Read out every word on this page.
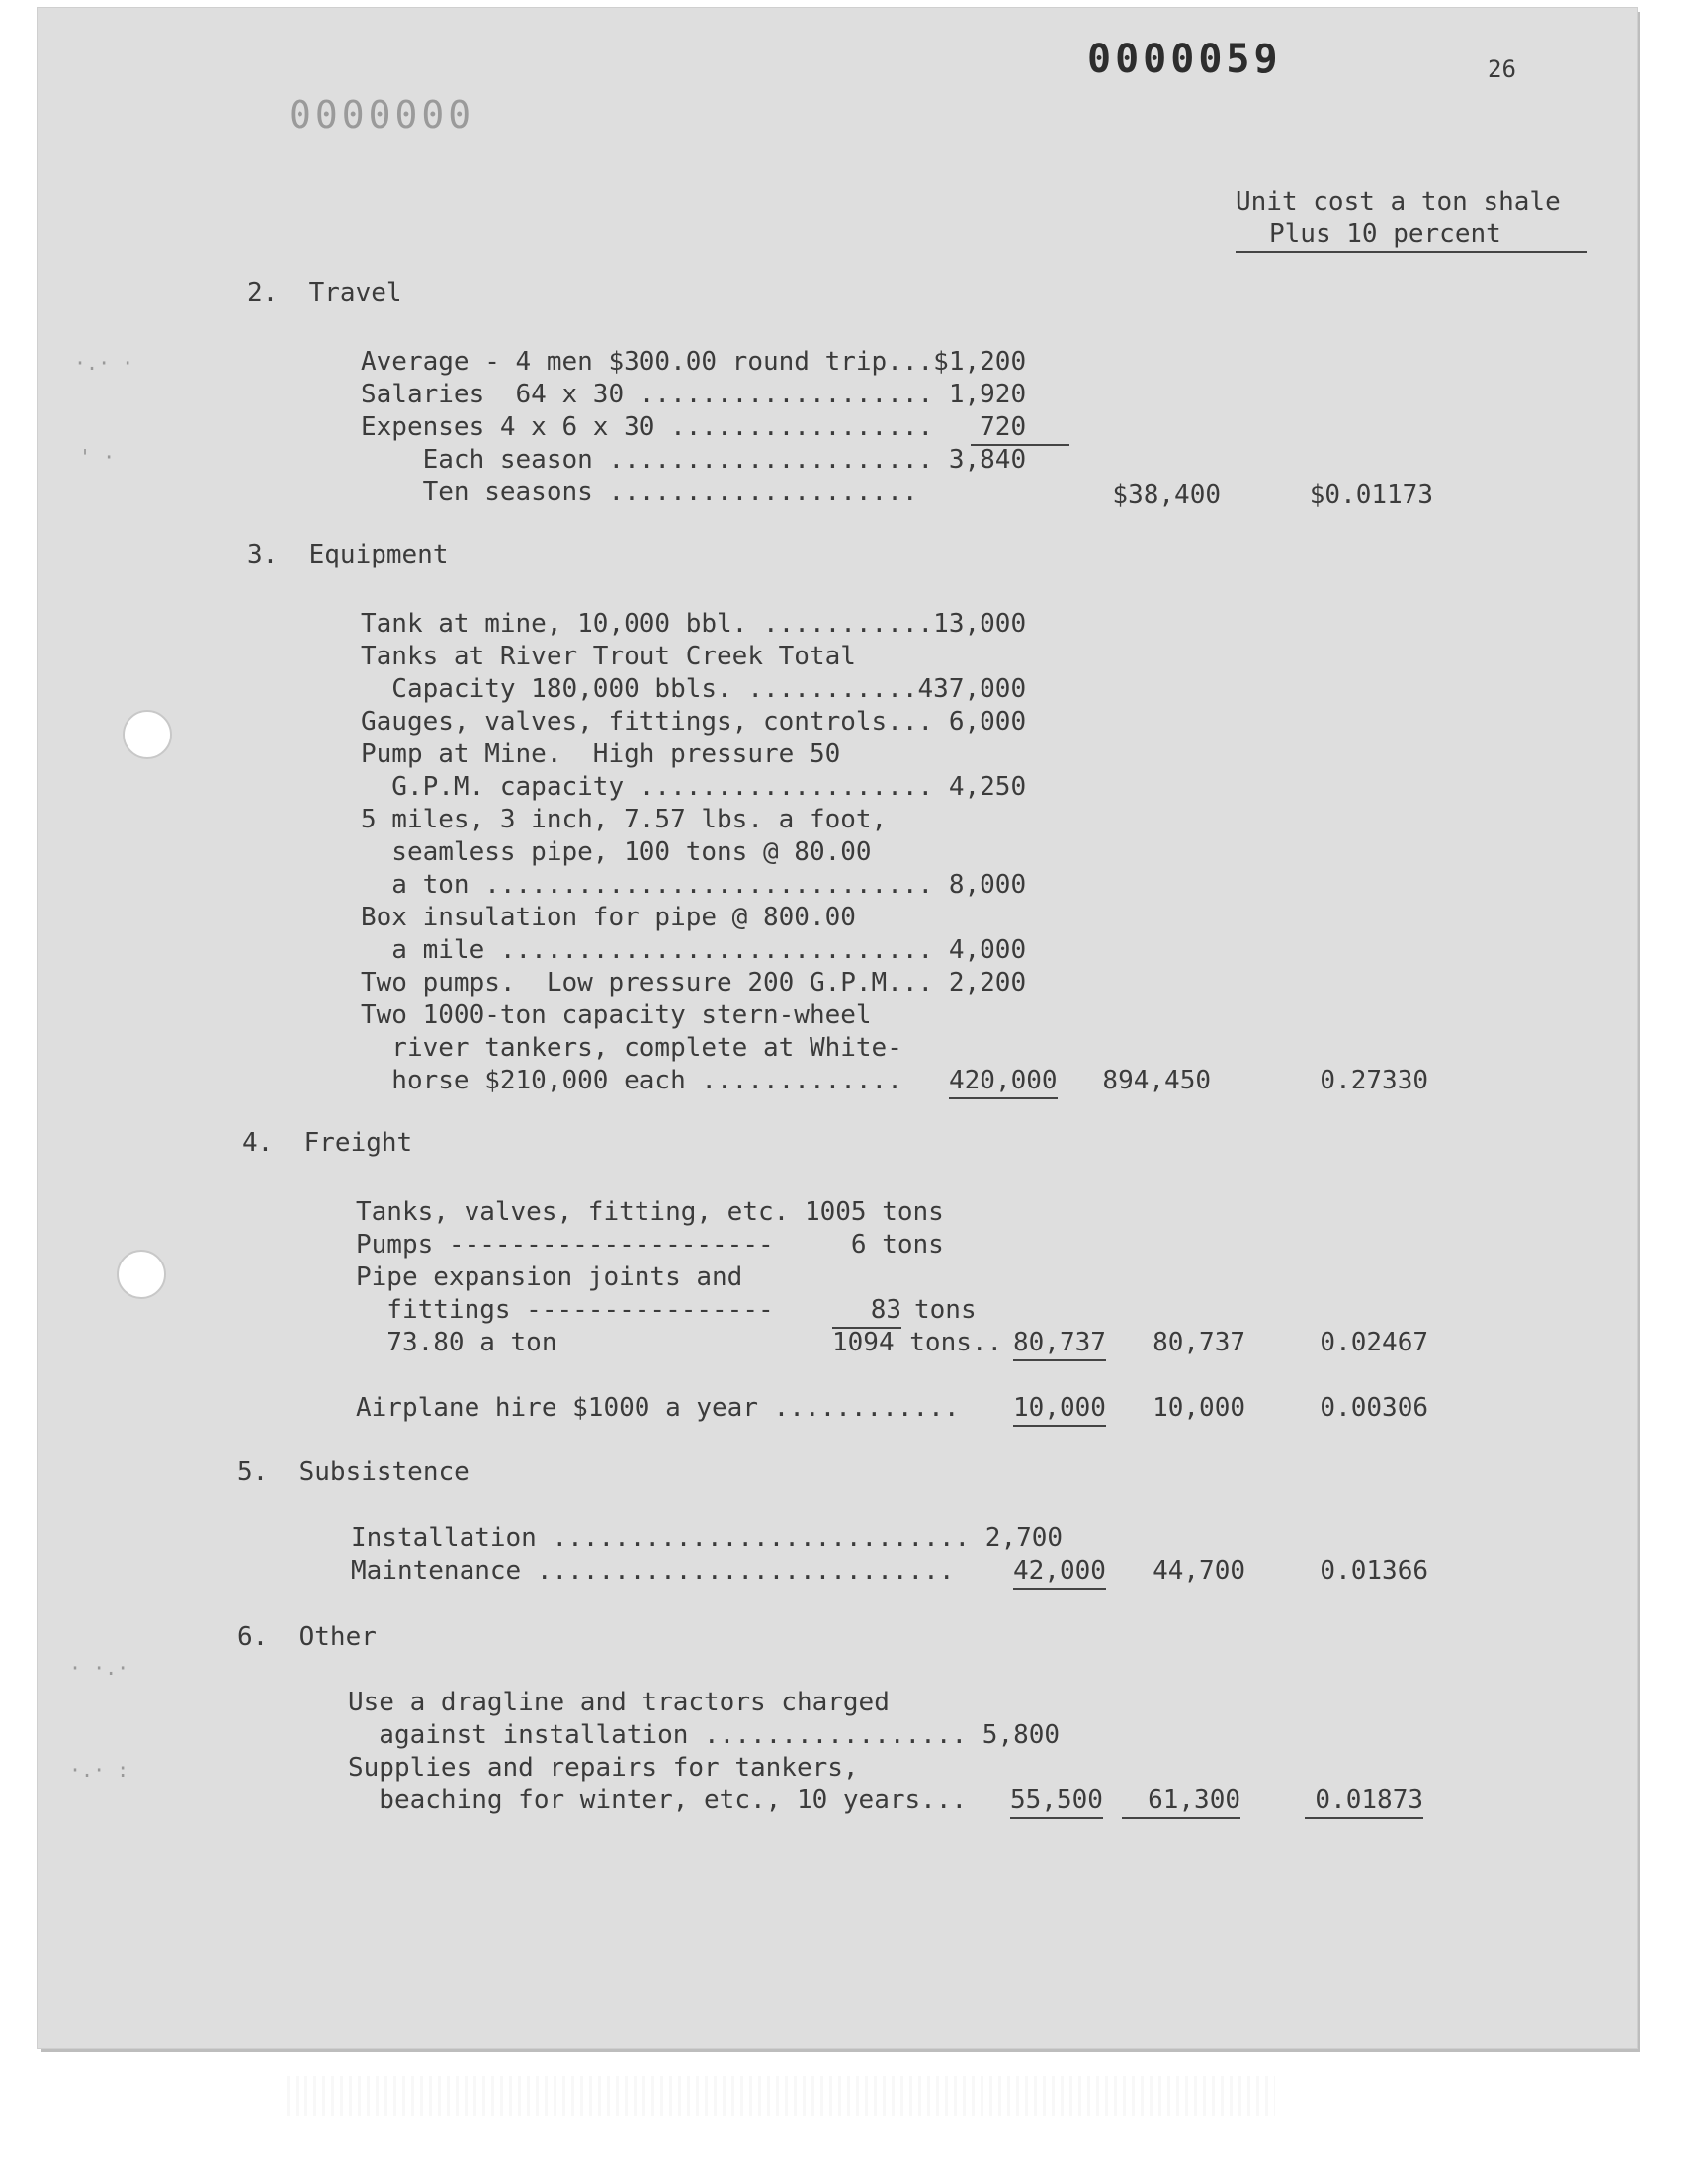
0000059	26
0000000
Unit cost a ton shale
Plus 10 percent
2.  Travel
Average - 4 men $300.00 round trip...$1,200
Salaries  64 x 30 ................... 1,920
Expenses 4 x 6 x 30 .................   720
Each season ..................... 3,840
Ten seasons ....................	$38,400	$0.01173
3.  Equipment
Tank at mine, 10,000 bbl. ...........13,000
Tanks at River Trout Creek Total
Capacity 180,000 bbls. ...........437,000
Gauges, valves, fittings, controls... 6,000
Pump at Mine.  High pressure 50
G.P.M. capacity ................... 4,250
5 miles, 3 inch, 7.57 lbs. a foot,
seamless pipe, 100 tons @ 80.00
a ton ............................. 8,000
Box insulation for pipe @ 800.00
a mile ............................ 4,000
Two pumps.  Low pressure 200 G.P.M... 2,200
Two 1000-ton capacity stern-wheel
river tankers, complete at White-
horse $210,000 each ............. 420,000	894,450	0.27330
4.  Freight
Tanks, valves, fitting, etc. 1005 tons
Pumps ---------------------     6 tons
Pipe expansion joints and
fittings ----------------	83 tons
73.80 a ton	1094 tons.. 80,737	80,737	0.02467
Airplane hire $1000 a year ............ 10,000	10,000	0.00306
5.  Subsistence
Installation ........................... 2,700
Maintenance ........................... 42,000	44,700	0.01366
6.  Other
Use a dragline and tractors charged
against installation ................. 5,800
Supplies and repairs for tankers,
beaching for winter, etc., 10 years... 55,500	61,300	0.01873
·.· ·
' ·
· ·.·
·.· :
